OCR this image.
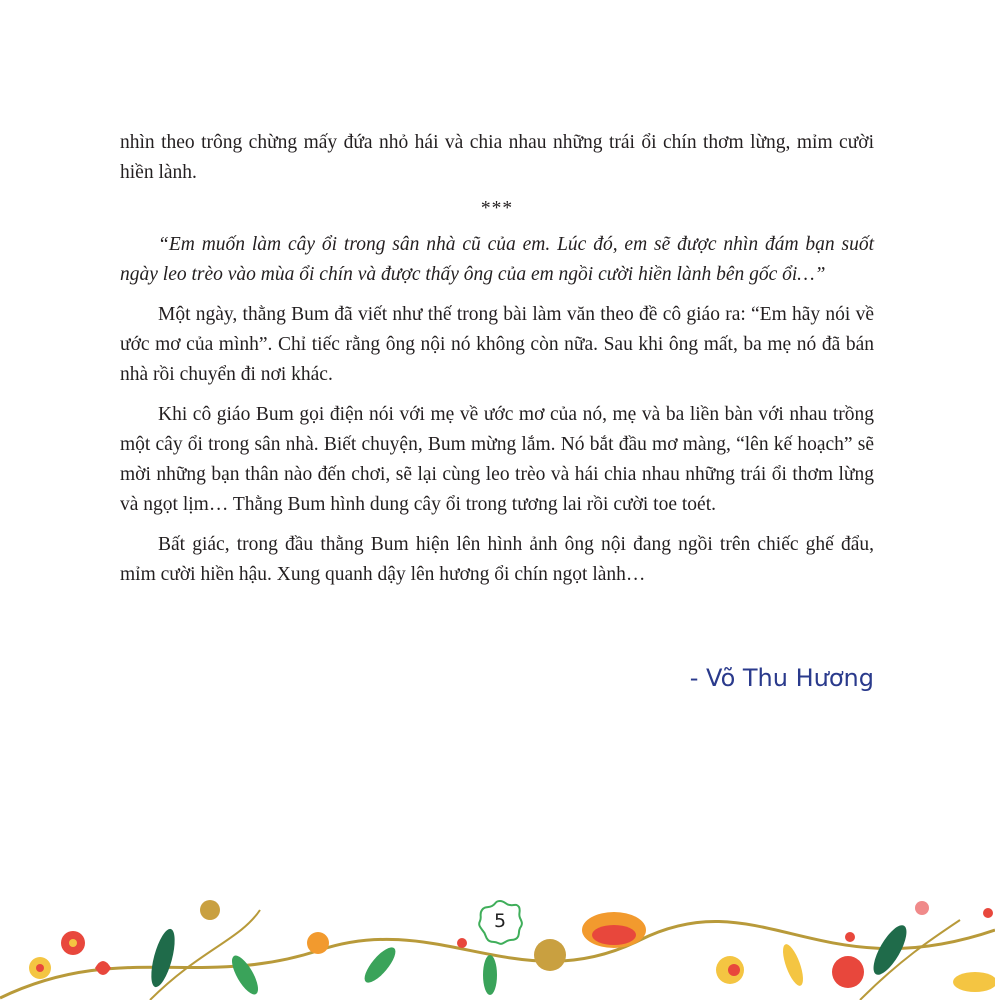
nhìn theo trông chừng mấy đứa nhỏ hái và chia nhau những trái ổi chín thơm lừng, mỉm cười hiền lành.

***

“Em muốn làm cây ổi trong sân nhà cũ của em. Lúc đó, em sẽ được nhìn đám bạn suốt ngày leo trèo vào mùa ổi chín và được thấy ông của em ngồi cười hiền lành bên gốc ổi…”

Một ngày, thằng Bum đã viết như thế trong bài làm văn theo đề cô giáo ra: “Em hãy nói về ước mơ của mình”. Chỉ tiếc rằng ông nội nó không còn nữa. Sau khi ông mất, ba mẹ nó đã bán nhà rồi chuyển đi nơi khác.

Khi cô giáo Bum gọi điện nói với mẹ về ước mơ của nó, mẹ và ba liền bàn với nhau trồng một cây ổi trong sân nhà. Biết chuyện, Bum mừng lắm. Nó bắt đầu mơ màng, “lên kế hoạch” sẽ mời những bạn thân nào đến chơi, sẽ lại cùng leo trèo và hái chia nhau những trái ổi thơm lừng và ngọt lịm… Thằng Bum hình dung cây ổi trong tương lai rồi cười toe toét.

Bất giác, trong đầu thằng Bum hiện lên hình ảnh ông nội đang ngồi trên chiếc ghế đẩu, mỉm cười hiền hậu. Xung quanh dậy lên hương ổi chín ngọt lành…

- Võ Thu Hương
5
